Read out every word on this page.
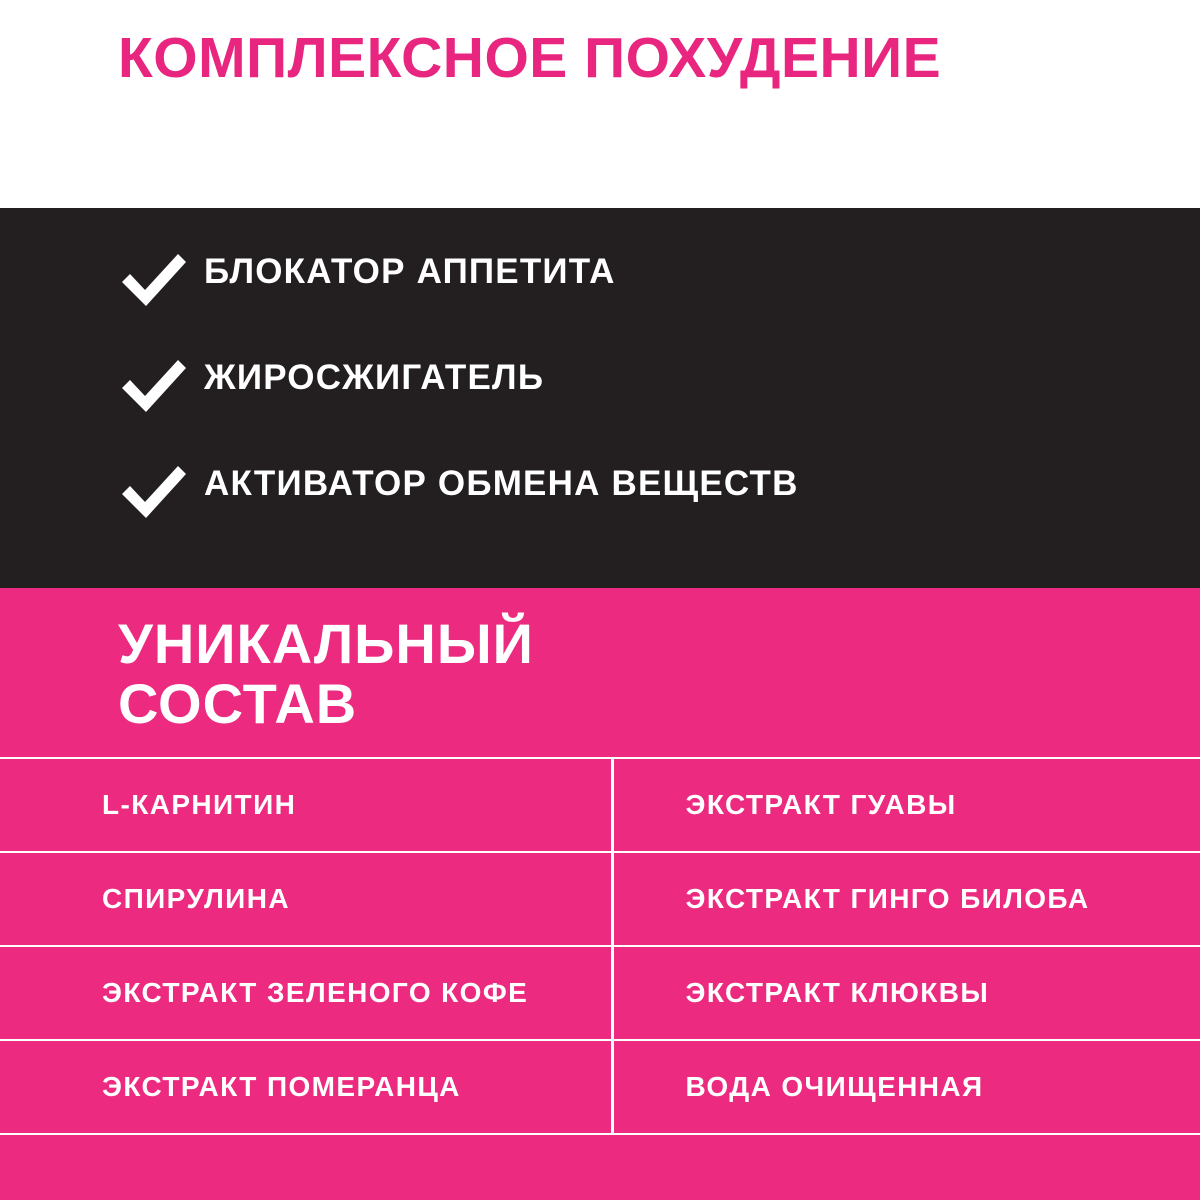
КОМПЛЕКСНОЕ ПОХУДЕНИЕ
БЛОКАТОР АППЕТИТА
ЖИРОСЖИГАТЕЛЬ
АКТИВАТОР ОБМЕНА ВЕЩЕСТВ
УНИКАЛЬНЫЙ СОСТАВ
L-КАРНИТИН	ЭКСТРАКТ ГУАВЫ
СПИРУЛИНА	ЭКСТРАКТ ГИНГО БИЛОБА
ЭКСТРАКТ ЗЕЛЕНОГО КОФЕ	ЭКСТРАКТ КЛЮКВЫ
ЭКСТРАКТ ПОМЕРАНЦА	ВОДА ОЧИЩЕННАЯ
